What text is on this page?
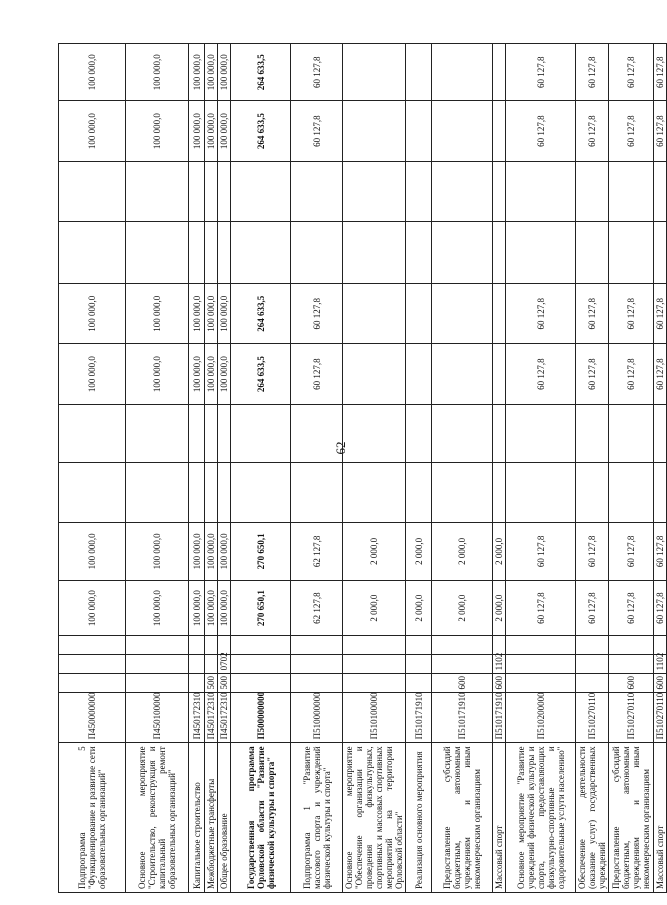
62
Подпрограмма 5 "Функционирование и развитие сети образовательных организаций"	П450000000				100 000,0	100 000,0			100 000,0	100 000,0			100 000,0	100 000,0
Основное мероприятие "Строительство, реконструкция и капитальный ремонт образовательных организаций"	П450100000				100 000,0	100 000,0			100 000,0	100 000,0			100 000,0	100 000,0
Капитальное строительство	П450172310				100 000,0	100 000,0			100 000,0	100 000,0			100 000,0	100 000,0
Межбюджетные трансферты	П450172310	500			100 000,0	100 000,0			100 000,0	100 000,0			100 000,0	100 000,0
Общее образование	П450172310	500	0702		100 000,0	100 000,0			100 000,0	100 000,0			100 000,0	100 000,0
Государственная программа Орловской области "Развитие физической культуры и спорта"	П500000000				270 650,1	270 650,1			264 633,5	264 633,5			264 633,5	264 633,5
Подпрограмма 1 "Развитие массового спорта и учреждений физической культуры и спорта"	П510000000				62 127,8	62 127,8			60 127,8	60 127,8			60 127,8	60 127,8
Основное мероприятие "Обеспечение организации и проведения физкультурных, спортивных и массовых спортивных мероприятий на территории Орловской области"	П510100000				2 000,0	2 000,0								
Реализация основного мероприятия	П510171910				2 000,0	2 000,0								
Предоставление субсидий бюджетным, автономным учреждениям и иным некоммерческим организациям	П510171910	600			2 000,0	2 000,0								
Массовый спорт	П510171910	600	1102		2 000,0	2 000,0								
Основное мероприятие "Развитие учреждений физической культуры и спорта, предоставляющих физкультурно-спортивные и оздоровительные услуги населению"	П510200000				60 127,8	60 127,8			60 127,8	60 127,8			60 127,8	60 127,8
Обеспечение деятельности (оказание услуг) государственных учреждений	П510270110				60 127,8	60 127,8			60 127,8	60 127,8			60 127,8	60 127,8
Предоставление субсидий бюджетным, автономным учреждениям и иным некоммерческим организациям	П510270110	600			60 127,8	60 127,8			60 127,8	60 127,8			60 127,8	60 127,8
Массовый спорт	П510270110	600	1102		60 127,8	60 127,8			60 127,8	60 127,8			60 127,8	60 127,8
